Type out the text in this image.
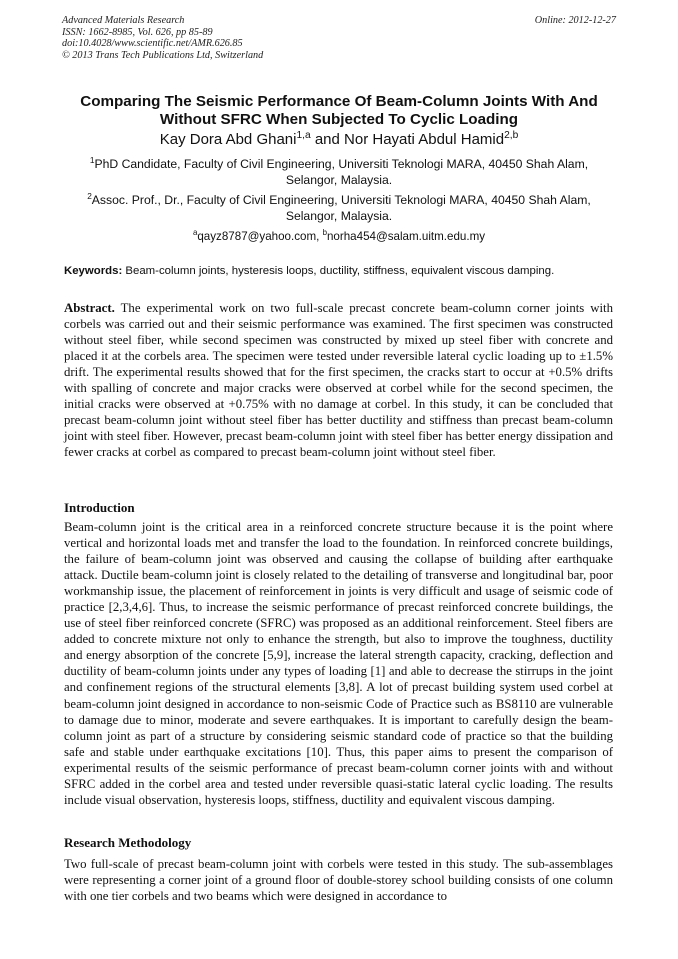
Advanced Materials Research
ISSN: 1662-8985, Vol. 626, pp 85-89
doi:10.4028/www.scientific.net/AMR.626.85
© 2013 Trans Tech Publications Ltd, Switzerland
Online: 2012-12-27
Comparing The Seismic Performance Of Beam-Column Joints With And Without SFRC When Subjected To Cyclic Loading
Kay Dora Abd Ghani$^{1,a}$ and Nor Hayati Abdul Hamid$^{2,b}$
$^1$PhD Candidate, Faculty of Civil Engineering, Universiti Teknologi MARA, 40450 Shah Alam, Selangor, Malaysia.
$^2$Assoc. Prof., Dr., Faculty of Civil Engineering, Universiti Teknologi MARA, 40450 Shah Alam, Selangor, Malaysia.
$^a$qayz8787@yahoo.com, $^b$norha454@salam.uitm.edu.my
Keywords: Beam-column joints, hysteresis loops, ductility, stiffness, equivalent viscous damping.
Abstract. The experimental work on two full-scale precast concrete beam-column corner joints with corbels was carried out and their seismic performance was examined. The first specimen was constructed without steel fiber, while second specimen was constructed by mixed up steel fiber with concrete and placed it at the corbels area. The specimen were tested under reversible lateral cyclic loading up to ±1.5% drift. The experimental results showed that for the first specimen, the cracks start to occur at +0.5% drifts with spalling of concrete and major cracks were observed at corbel while for the second specimen, the initial cracks were observed at +0.75% with no damage at corbel. In this study, it can be concluded that precast beam-column joint without steel fiber has better ductility and stiffness than precast beam-column joint with steel fiber. However, precast beam-column joint with steel fiber has better energy dissipation and fewer cracks at corbel as compared to precast beam-column joint without steel fiber.
Introduction
Beam-column joint is the critical area in a reinforced concrete structure because it is the point where vertical and horizontal loads met and transfer the load to the foundation. In reinforced concrete buildings, the failure of beam-column joint was observed and causing the collapse of building after earthquake attack. Ductile beam-column joint is closely related to the detailing of transverse and longitudinal bar, poor workmanship issue, the placement of reinforcement in joints is very difficult and usage of seismic code of practice [2,3,4,6]. Thus, to increase the seismic performance of precast reinforced concrete buildings, the use of steel fiber reinforced concrete (SFRC) was proposed as an additional reinforcement. Steel fibers are added to concrete mixture not only to enhance the strength, but also to improve the toughness, ductility and energy absorption of the concrete [5,9], increase the lateral strength capacity, cracking, deflection and ductility of beam-column joints under any types of loading [1] and able to decrease the stirrups in the joint and confinement regions of the structural elements [3,8]. A lot of precast building system used corbel at beam-column joint designed in accordance to non-seismic Code of Practice such as BS8110 are vulnerable to damage due to minor, moderate and severe earthquakes. It is important to carefully design the beam-column joint as part of a structure by considering seismic standard code of practice so that the building safe and stable under earthquake excitations [10]. Thus, this paper aims to present the comparison of experimental results of the seismic performance of precast beam-column corner joints with and without SFRC added in the corbel area and tested under reversible quasi-static lateral cyclic loading. The results include visual observation, hysteresis loops, stiffness, ductility and equivalent viscous damping.
Research Methodology
Two full-scale of precast beam-column joint with corbels were tested in this study. The sub-assemblages were representing a corner joint of a ground floor of double-storey school building consists of one column with one tier corbels and two beams which were designed in accordance to
